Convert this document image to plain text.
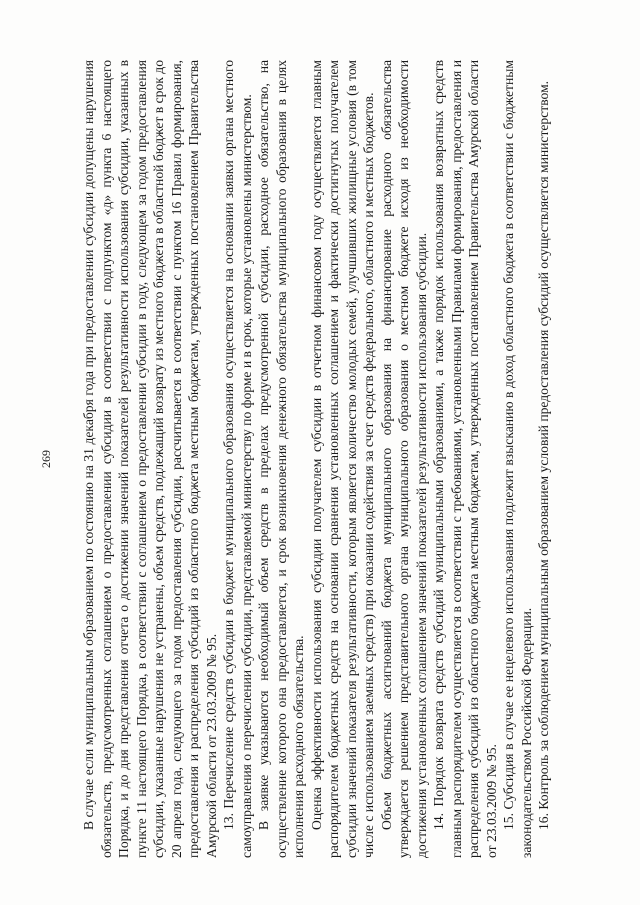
269 В случае если муниципальным образованием по состоянию на 31 декабря года при предоставлении субсидии допущены нарушения обязательств, предусмотренных соглашением о предоставлении субсидии в соответствии с подпунктом «д» пункта 6 настоящего Порядка, и до дня представления отчета о достижении значений показателей результативности использования субсидии, указанных в пункте 11 настоящего Порядка, в соответствии с соглашением о предоставлении субсидии в году, следующем за годом предоставления субсидии, указанные нарушения не устранены, объем средств, подлежащий возврату из местного бюджета в областной бюджет в срок до 20 апреля года, следующего за годом предоставления субсидии, рассчитывается в соответствии с пунктом 16 Правил формирования, предоставления и распределения субсидий из областного бюджета местным бюджетам, утвержденных постановлением Правительства Амурской области от 23.03.2009 № 95. 13. Перечисление средств субсидии в бюджет муниципального образования осуществляется на основании заявки органа местного самоуправления о перечислении субсидии, представляемой министерству по форме и в срок, которые установлены министерством. В заявке указываются необходимый объем средств в пределах предусмотренной субсидии, расходное обязательство, на осуществление которого она предоставляется, и срок возникновения денежного обязательства муниципального образования в целях исполнения расходного обязательства. Оценка эффективности использования субсидии получателем субсидии в отчетном финансовом году осуществляется главным распорядителем бюджетных средств на основании сравнения установленных соглашением и фактически достигнутых получателем субсидии значений показателя результативности, которым является количество молодых семей, улучшивших жилищные условия (в том числе с использованием заемных средств) при оказании содействия за счет средств федерального, областного и местных бюджетов. Объем бюджетных ассигнований бюджета муниципального образования на финансирование расходного обязательства утверждается решением представительного органа муниципального образования о местном бюджете исходя из необходимости достижения установленных соглашением значений показателей результативности использования субсидии. 14. Порядок возврата средств субсидий муниципальными образованиями, а также порядок использования возвратных средств главным распорядителем осуществляется в соответствии с требованиями, установленными Правилами формирования, предоставления и распределения субсидий из областного бюджета местным бюджетам, утвержденных постановлением Правительства Амурской области от 23.03.2009 № 95. 15. Субсидия в случае ее нецелевого использования подлежит взысканию в доход областного бюджета в соответствии с бюджетным законодательством Российской Федерации. 16. Контроль за соблюдением муниципальным образованием условий предоставления субсидий осуществляется министерством.
